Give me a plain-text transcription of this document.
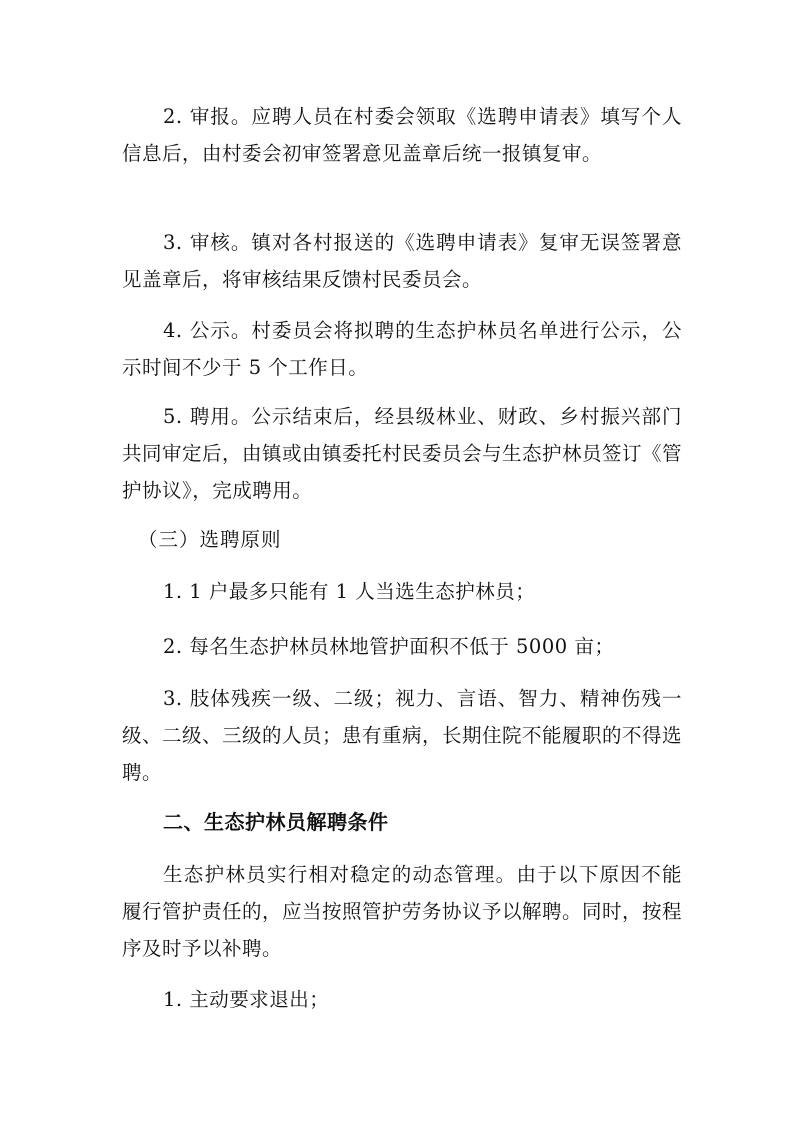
2. 审报。应聘人员在村委会领取《选聘申请表》填写个人信息后，由村委会初审签署意见盖章后统一报镇复审。

3. 审核。镇对各村报送的《选聘申请表》复审无误签署意见盖章后，将审核结果反馈村民委员会。

4. 公示。村委员会将拟聘的生态护林员名单进行公示，公示时间不少于 5 个工作日。

5. 聘用。公示结束后，经县级林业、财政、乡村振兴部门共同审定后，由镇或由镇委托村民委员会与生态护林员签订《管护协议》，完成聘用。

（三）选聘原则

1. 1 户最多只能有 1 人当选生态护林员；

2. 每名生态护林员林地管护面积不低于 5000 亩；

3. 肢体残疾一级、二级；视力、言语、智力、精神伤残一级、二级、三级的人员；患有重病，长期住院不能履职的不得选聘。

二、生态护林员解聘条件

生态护林员实行相对稳定的动态管理。由于以下原因不能履行管护责任的，应当按照管护劳务协议予以解聘。同时，按程序及时予以补聘。

1. 主动要求退出；
